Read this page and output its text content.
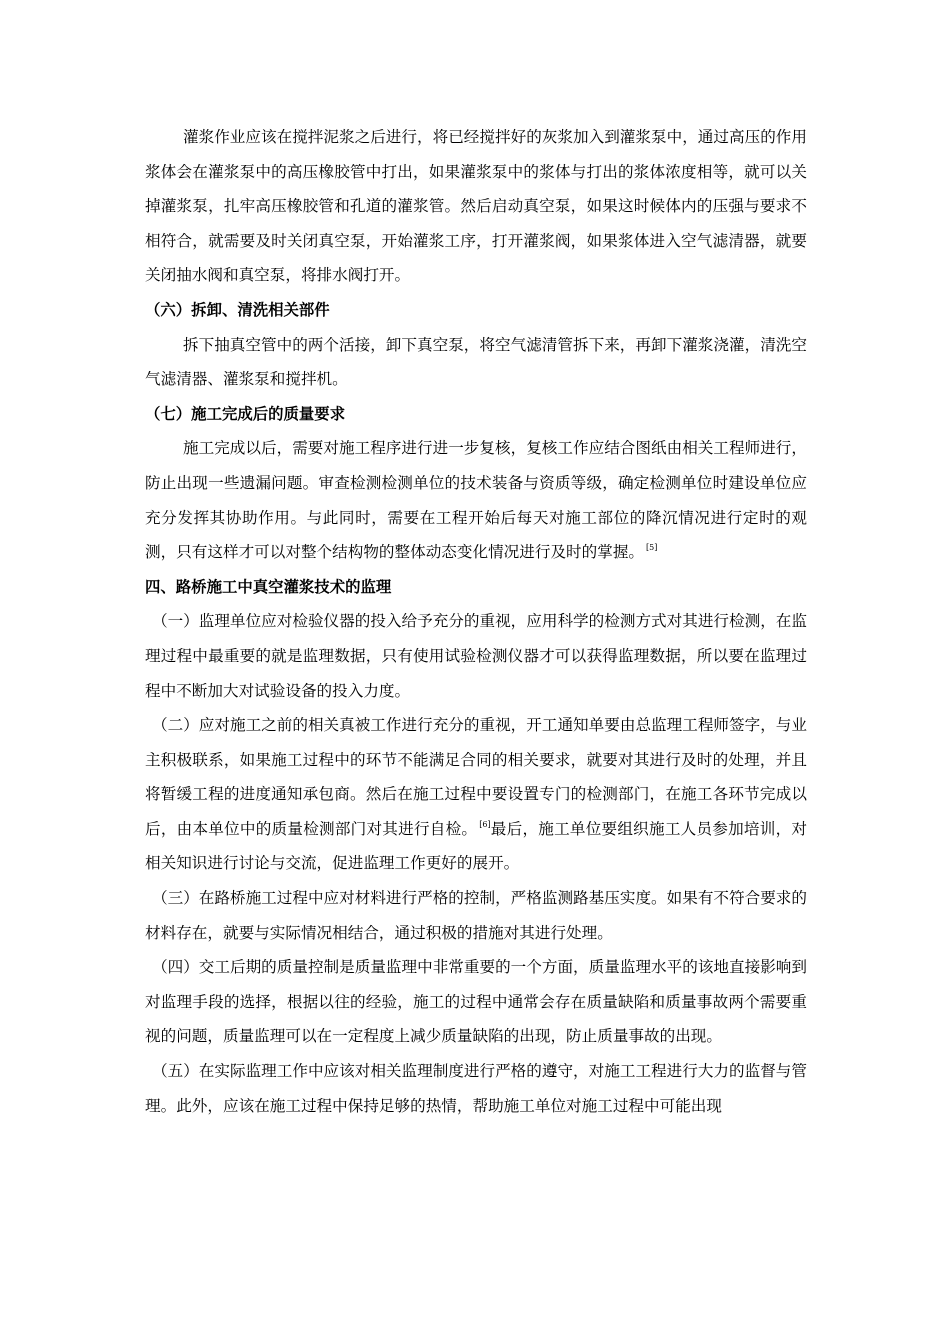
灌浆作业应该在搅拌泥浆之后进行，将已经搅拌好的灰浆加入到灌浆泵中，通过高压的作用浆体会在灌浆泵中的高压橡胶管中打出，如果灌浆泵中的浆体与打出的浆体浓度相等，就可以关掉灌浆泵，扎牢高压橡胶管和孔道的灌浆管。然后启动真空泵，如果这时候体内的压强与要求不相符合，就需要及时关闭真空泵，开始灌浆工序，打开灌浆阀，如果浆体进入空气滤清器，就要关闭抽水阀和真空泵，将排水阀打开。

（六）拆卸、清洗相关部件

拆下抽真空管中的两个活接，卸下真空泵，将空气滤清管拆下来，再卸下灌浆浇灌，清洗空气滤清器、灌浆泵和搅拌机。

（七）施工完成后的质量要求

施工完成以后，需要对施工程序进行进一步复核，复核工作应结合图纸由相关工程师进行，防止出现一些遗漏问题。审查检测检测单位的技术装备与资质等级，确定检测单位时建设单位应充分发挥其协助作用。与此同时，需要在工程开始后每天对施工部位的降沉情况进行定时的观测，只有这样才可以对整个结构物的整体动态变化情况进行及时的掌握。 [5]

四、路桥施工中真空灌浆技术的监理

（一）监理单位应对检验仪器的投入给予充分的重视，应用科学的检测方式对其进行检测，在监理过程中最重要的就是监理数据，只有使用试验检测仪器才可以获得监理数据，所以要在监理过程中不断加大对试验设备的投入力度。

（二）应对施工之前的相关真被工作进行充分的重视，开工通知单要由总监理工程师签字，与业主积极联系，如果施工过程中的环节不能满足合同的相关要求，就要对其进行及时的处理，并且将暂缓工程的进度通知承包商。然后在施工过程中要设置专门的检测部门，在施工各环节完成以后，由本单位中的质量检测部门对其进行自检。 [6]最后，施工单位要组织施工人员参加培训，对相关知识进行讨论与交流，促进监理工作更好的展开。

（三）在路桥施工过程中应对材料进行严格的控制，严格监测路基压实度。如果有不符合要求的材料存在，就要与实际情况相结合，通过积极的措施对其进行处理。

（四）交工后期的质量控制是质量监理中非常重要的一个方面，质量监理水平的该地直接影响到对监理手段的选择，根据以往的经验，施工的过程中通常会存在质量缺陷和质量事故两个需要重视的问题，质量监理可以在一定程度上减少质量缺陷的出现，防止质量事故的出现。

（五）在实际监理工作中应该对相关监理制度进行严格的遵守，对施工工程进行大力的监督与管理。此外，应该在施工过程中保持足够的热情，帮助施工单位对施工过程中可能出现
